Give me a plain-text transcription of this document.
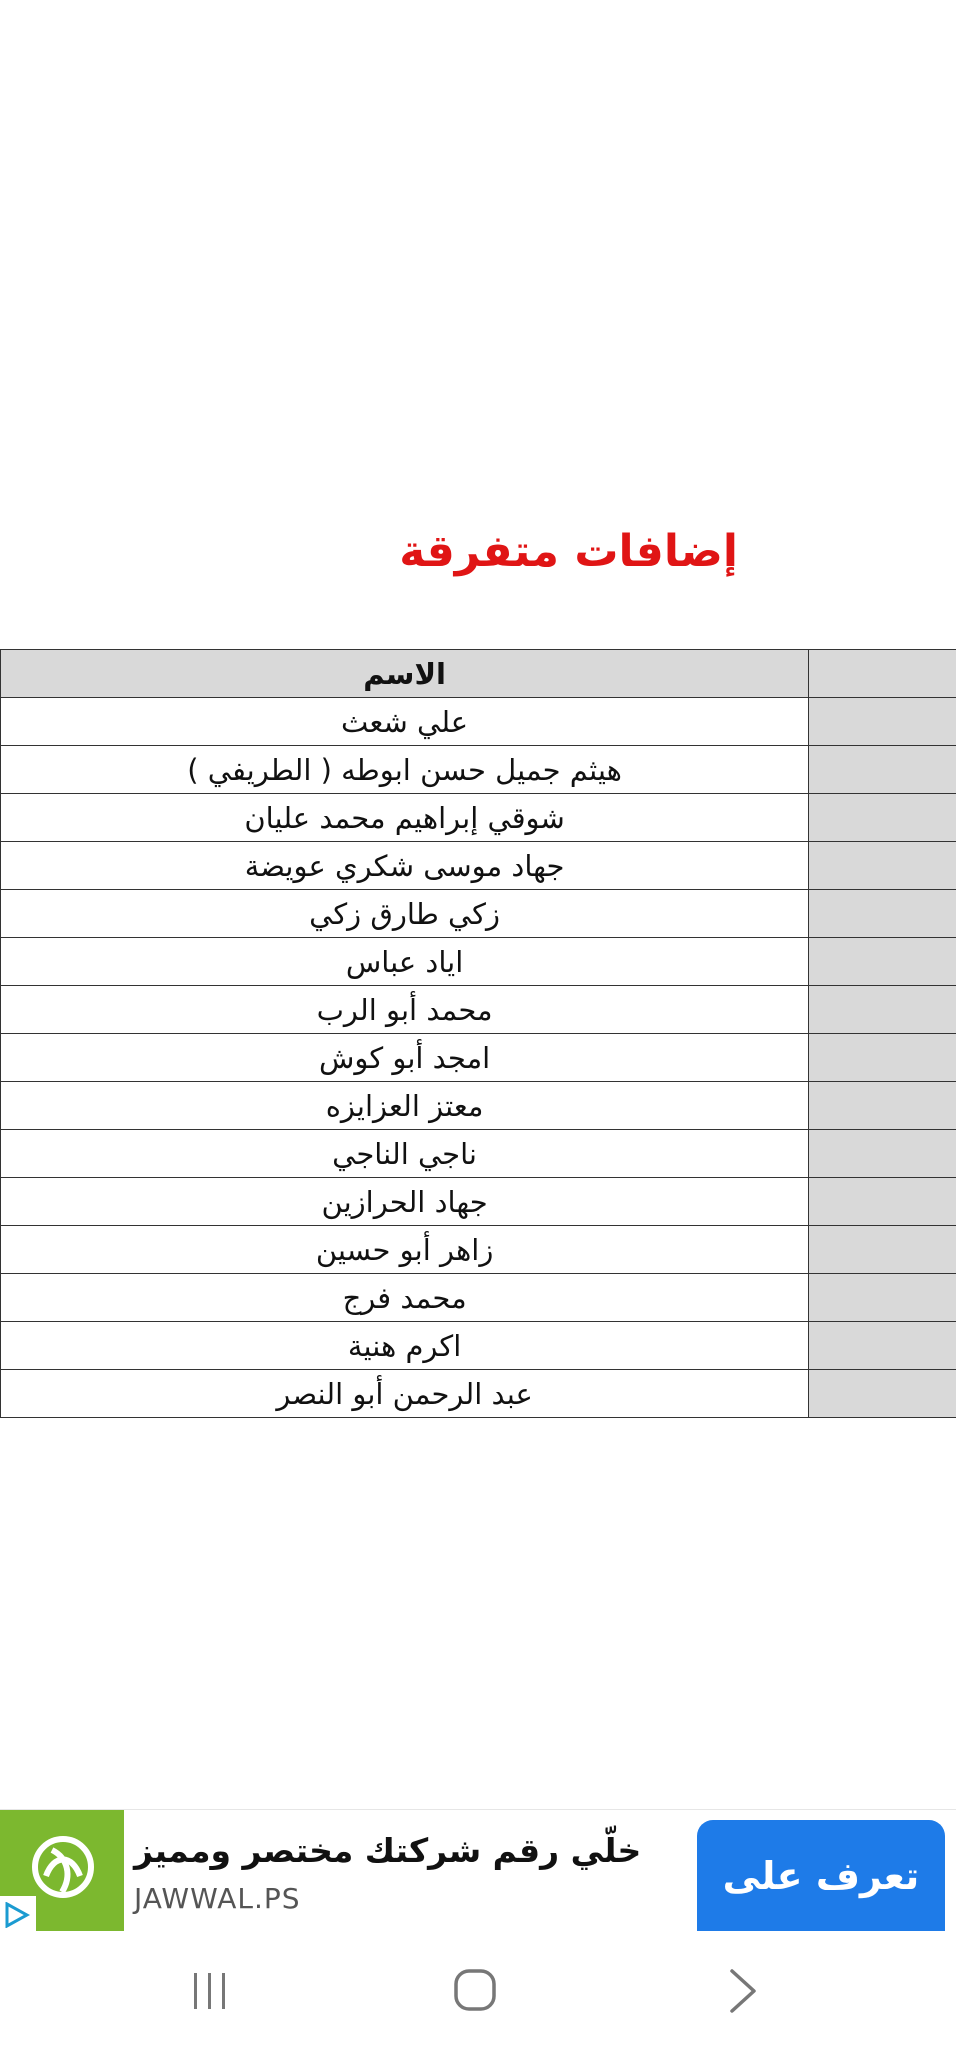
إضافات متفرقة
الاسم	
علي شعث	
هيثم جميل حسن ابوطه ( الطريفي )	
شوقي إبراهيم محمد عليان	
جهاد موسى شكري عويضة	
زكي طارق زكي	
اياد عباس	
محمد أبو الرب	
امجد أبو كوش	
معتز العزايزه	
ناجي الناجي	
جهاد الحرازين	
زاهر أبو حسين	
محمد فرج	
اكرم هنية	
عبد الرحمن أبو النصر	
خلّي رقم شركتك مختصر ومميز
JAWWAL.PS
تعرف على
